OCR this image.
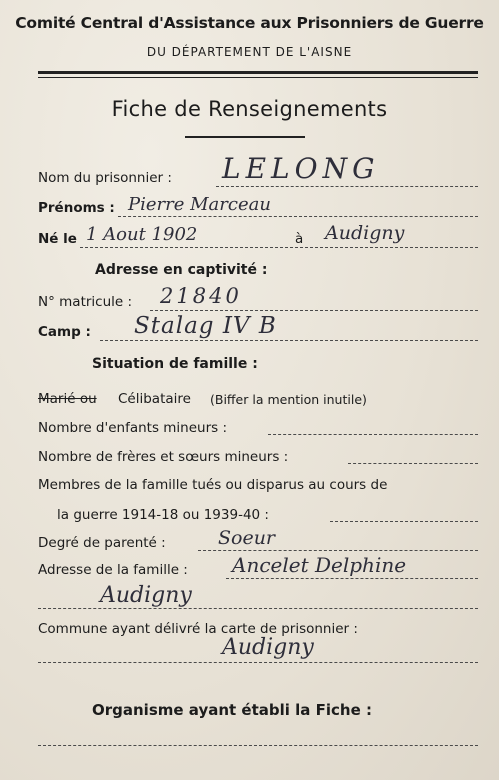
Comité Central d'Assistance aux Prisonniers de Guerre
DU DÉPARTEMENT DE L'AISNE
Fiche de Renseignements
Nom du prisonnier : LELONG
Prénoms : Pierre Marceau
Né le 1 Aout 1902	à Audigny
Adresse en captivité :
N° matricule : 21840
Camp : Stalag IV B
Situation de famille :
Marié ou Célibataire (Biffer la mention inutile)
Nombre d'enfants mineurs :
Nombre de frères et sœurs mineurs :
Membres de la famille tués ou disparus au cours de
la guerre 1914-18 ou 1939-40 :
Degré de parenté :	Soeur
Adresse de la famille : Ancelet Delphine
Audigny
Commune ayant délivré la carte de prisonnier :
Audigny
Organisme ayant établi la Fiche :
